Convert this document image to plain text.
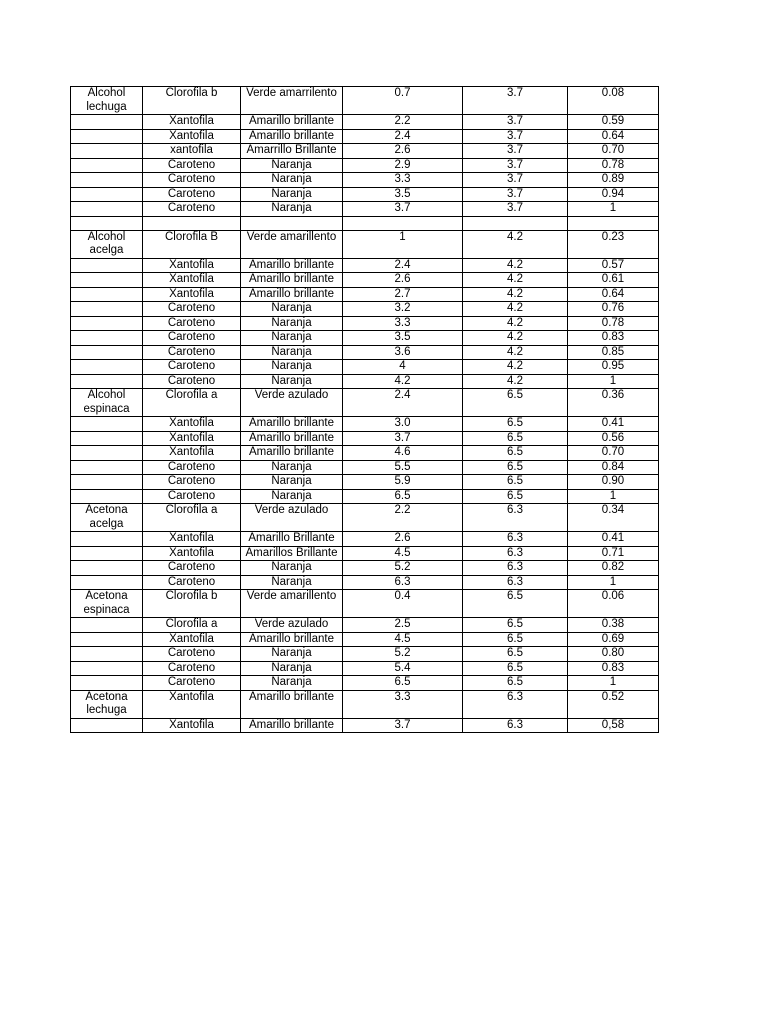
Alcohol lechuga	Clorofila b	Verde amarrilento	0.7	3.7	0.08
	Xantofila	Amarillo brillante	2.2	3.7	0.59
	Xantofila	Amarillo brillante	2.4	3.7	0.64
	xantofila	Amarrillo Brillante	2.6	3.7	0.70
	Caroteno	Naranja	2.9	3.7	0.78
	Caroteno	Naranja	3.3	3.7	0.89
	Caroteno	Naranja	3.5	3.7	0.94
	Caroteno	Naranja	3.7	3.7	1

Alcohol acelga	Clorofila B	Verde amarillento	1	4.2	0.23
	Xantofila	Amarillo brillante	2.4	4.2	0.57
	Xantofila	Amarillo brillante	2.6	4.2	0.61
	Xantofila	Amarillo brillante	2.7	4.2	0.64
	Caroteno	Naranja	3.2	4.2	0.76
	Caroteno	Naranja	3.3	4.2	0.78
	Caroteno	Naranja	3.5	4.2	0.83
	Caroteno	Naranja	3.6	4.2	0.85
	Caroteno	Naranja	4	4.2	0.95
	Caroteno	Naranja	4.2	4.2	1
Alcohol espinaca	Clorofila a	Verde azulado	2.4	6.5	0.36
	Xantofila	Amarillo brillante	3.0	6.5	0.41
	Xantofila	Amarillo brillante	3.7	6.5	0.56
	Xantofila	Amarillo brillante	4.6	6.5	0.70
	Caroteno	Naranja	5.5	6.5	0.84
	Caroteno	Naranja	5.9	6.5	0.90
	Caroteno	Naranja	6.5	6.5	1
Acetona acelga	Clorofila a	Verde azulado	2.2	6.3	0.34
	Xantofila	Amarillo Brillante	2.6	6.3	0.41
	Xantofila	Amarillos Brillante	4.5	6.3	0.71
	Caroteno	Naranja	5.2	6.3	0.82
	Caroteno	Naranja	6.3	6.3	1
Acetona espinaca	Clorofila b	Verde amarillento	0.4	6.5	0.06
	Clorofila a	Verde azulado	2.5	6.5	0.38
	Xantofila	Amarillo brillante	4.5	6.5	0.69
	Caroteno	Naranja	5.2	6.5	0.80
	Caroteno	Naranja	5.4	6.5	0.83
	Caroteno	Naranja	6.5	6.5	1
Acetona lechuga	Xantofila	Amarillo brillante	3.3	6.3	0.52
	Xantofila	Amarillo brillante	3.7	6.3	0,58
